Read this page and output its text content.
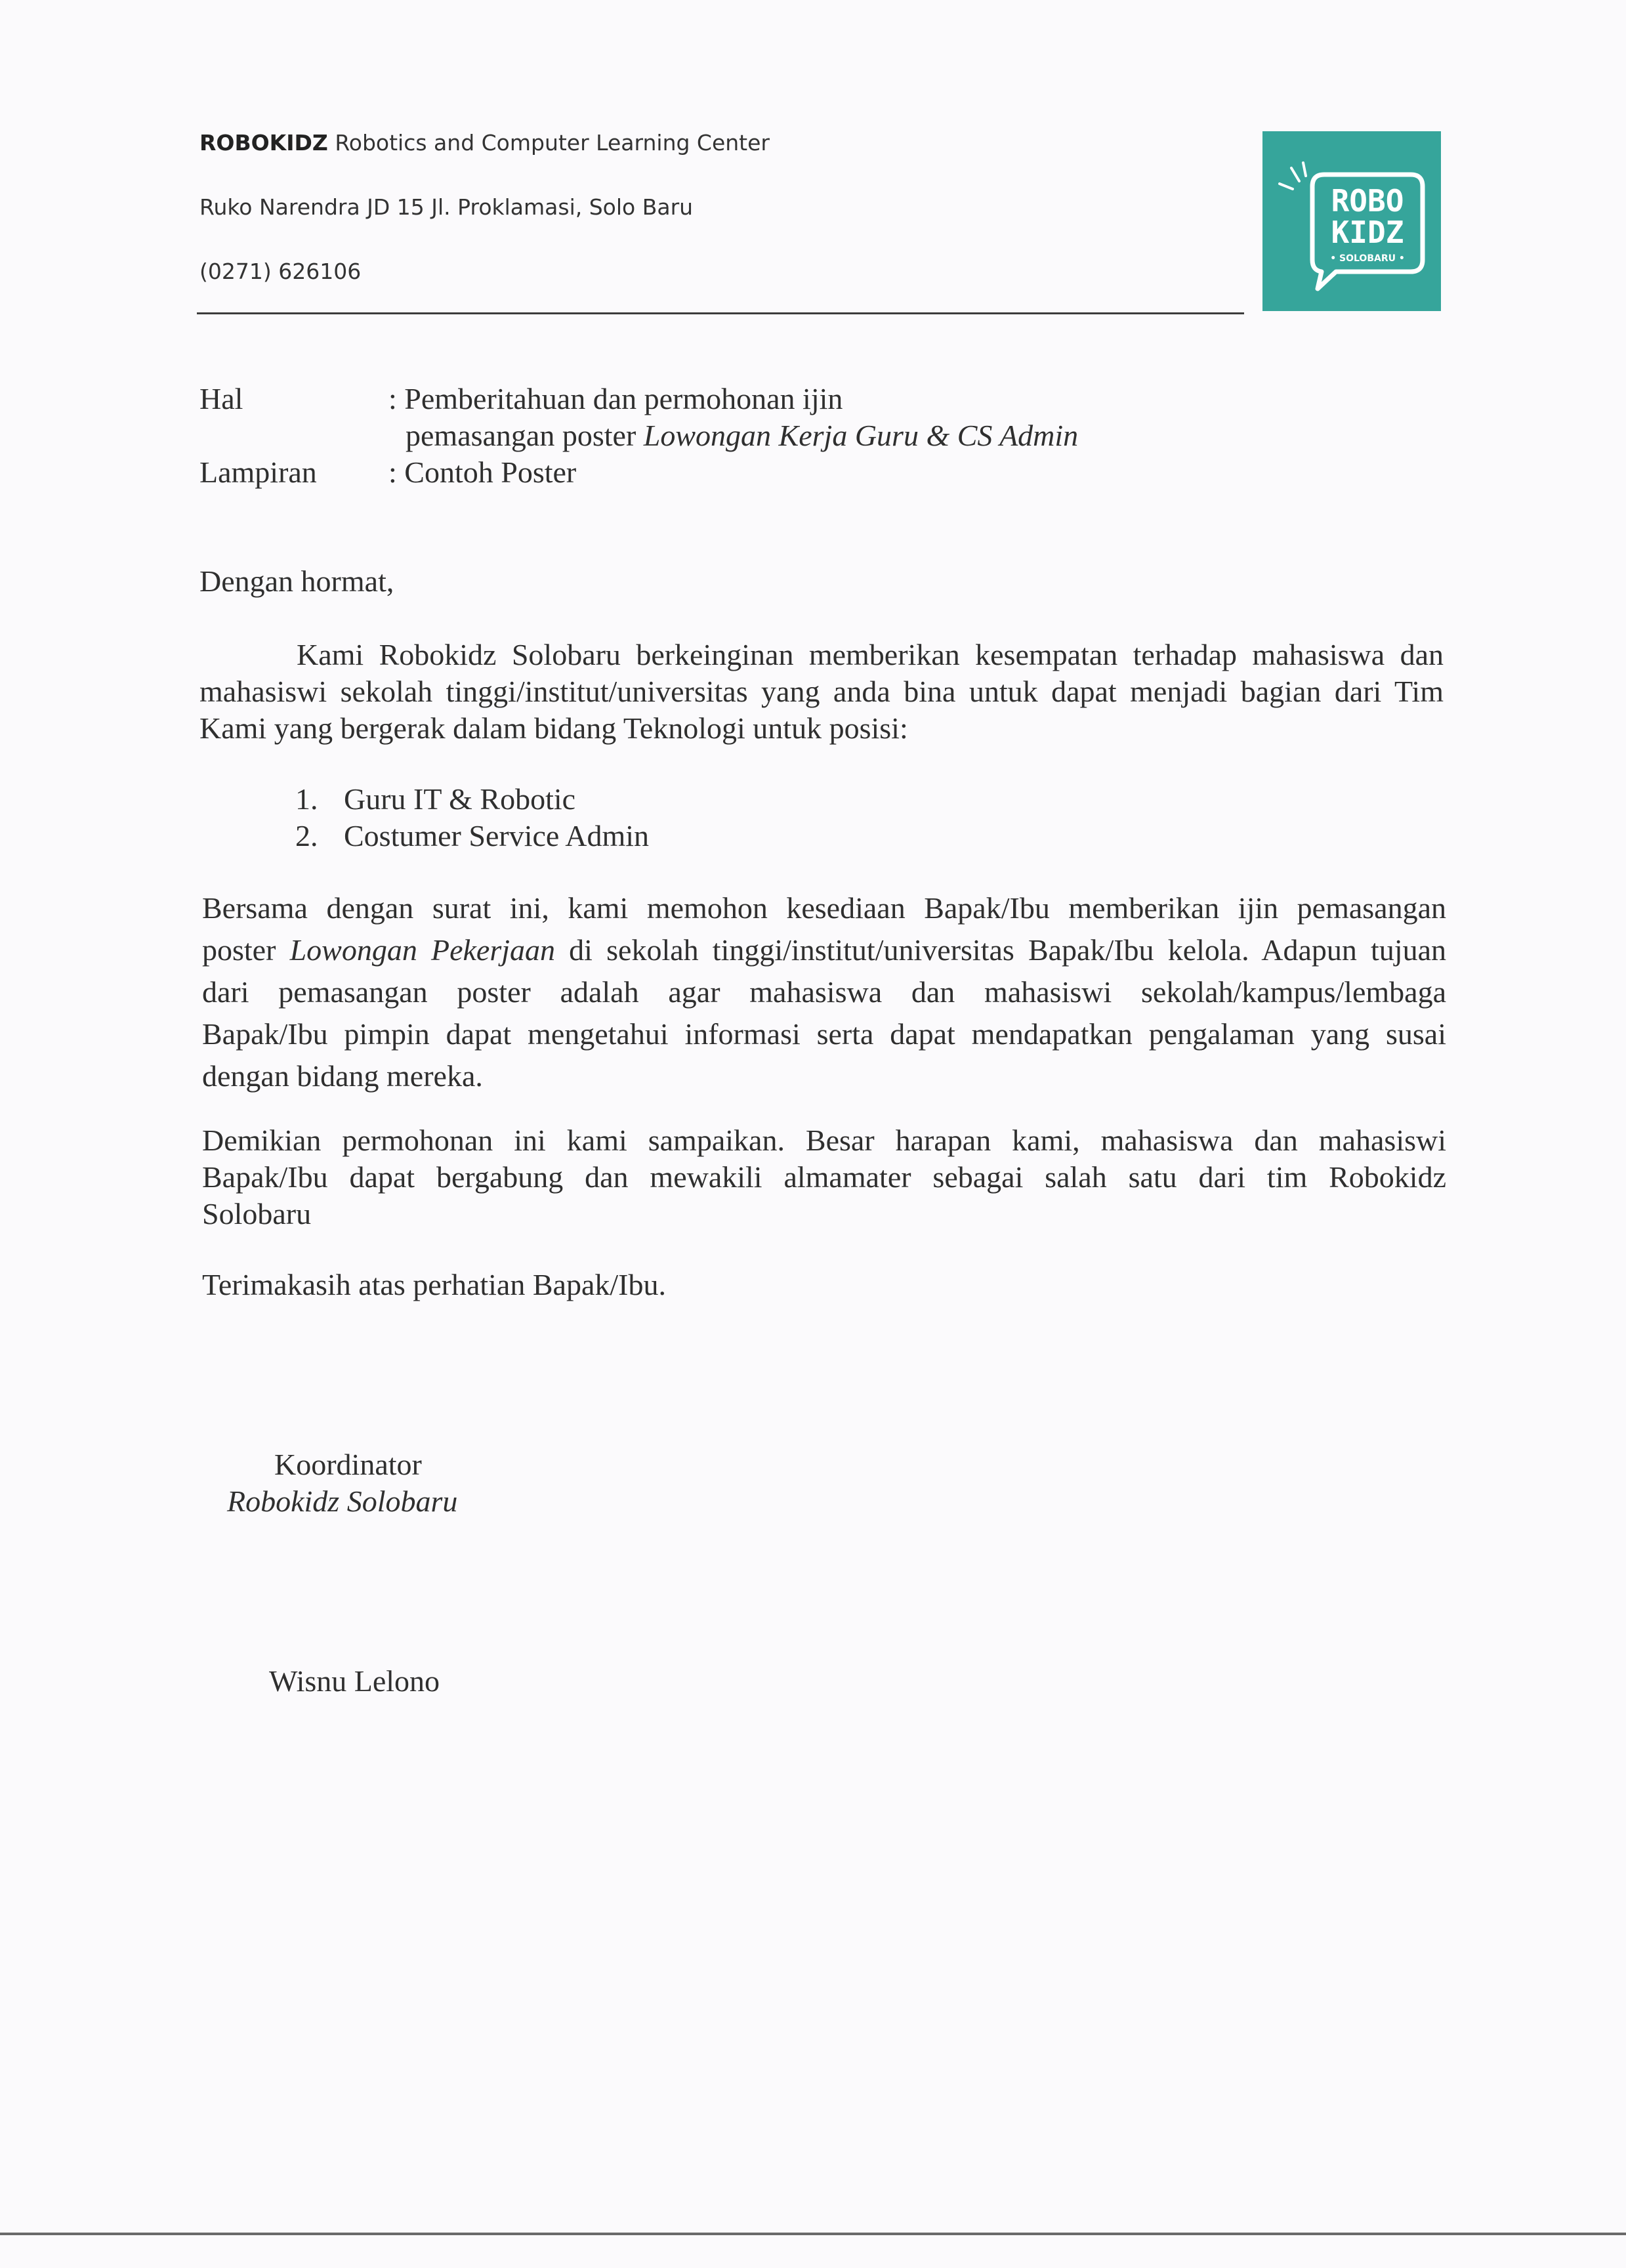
ROBOKIDZ Robotics and Computer Learning Center
Ruko Narendra JD 15 Jl. Proklamasi, Solo Baru
(0271) 626106
ROBO
KIDZ
• SOLOBARU •
Hal	: Pemberitahuan dan permohonan ijin
pemasangan poster Lowongan Kerja Guru & CS Admin
Lampiran : Contoh Poster
Dengan hormat,
Kami Robokidz Solobaru berkeinginan memberikan kesempatan terhadap mahasiswa dan
mahasiswi sekolah tinggi/institut/universitas yang anda bina untuk dapat menjadi bagian dari Tim
Kami yang bergerak dalam bidang Teknologi untuk posisi:
1. Guru IT & Robotic
2. Costumer Service Admin
Bersama dengan surat ini, kami memohon kesediaan Bapak/Ibu memberikan ijin pemasangan
poster Lowongan Pekerjaan di sekolah tinggi/institut/universitas Bapak/Ibu kelola. Adapun tujuan
dari pemasangan poster adalah agar mahasiswa dan mahasiswi sekolah/kampus/lembaga
Bapak/Ibu pimpin dapat mengetahui informasi serta dapat mendapatkan pengalaman yang susai
dengan bidang mereka.
Demikian permohonan ini kami sampaikan. Besar harapan kami, mahasiswa dan mahasiswi
Bapak/Ibu dapat bergabung dan mewakili almamater sebagai salah satu dari tim Robokidz
Solobaru
Terimakasih atas perhatian Bapak/Ibu.
Koordinator
Robokidz Solobaru
Wisnu Lelono
